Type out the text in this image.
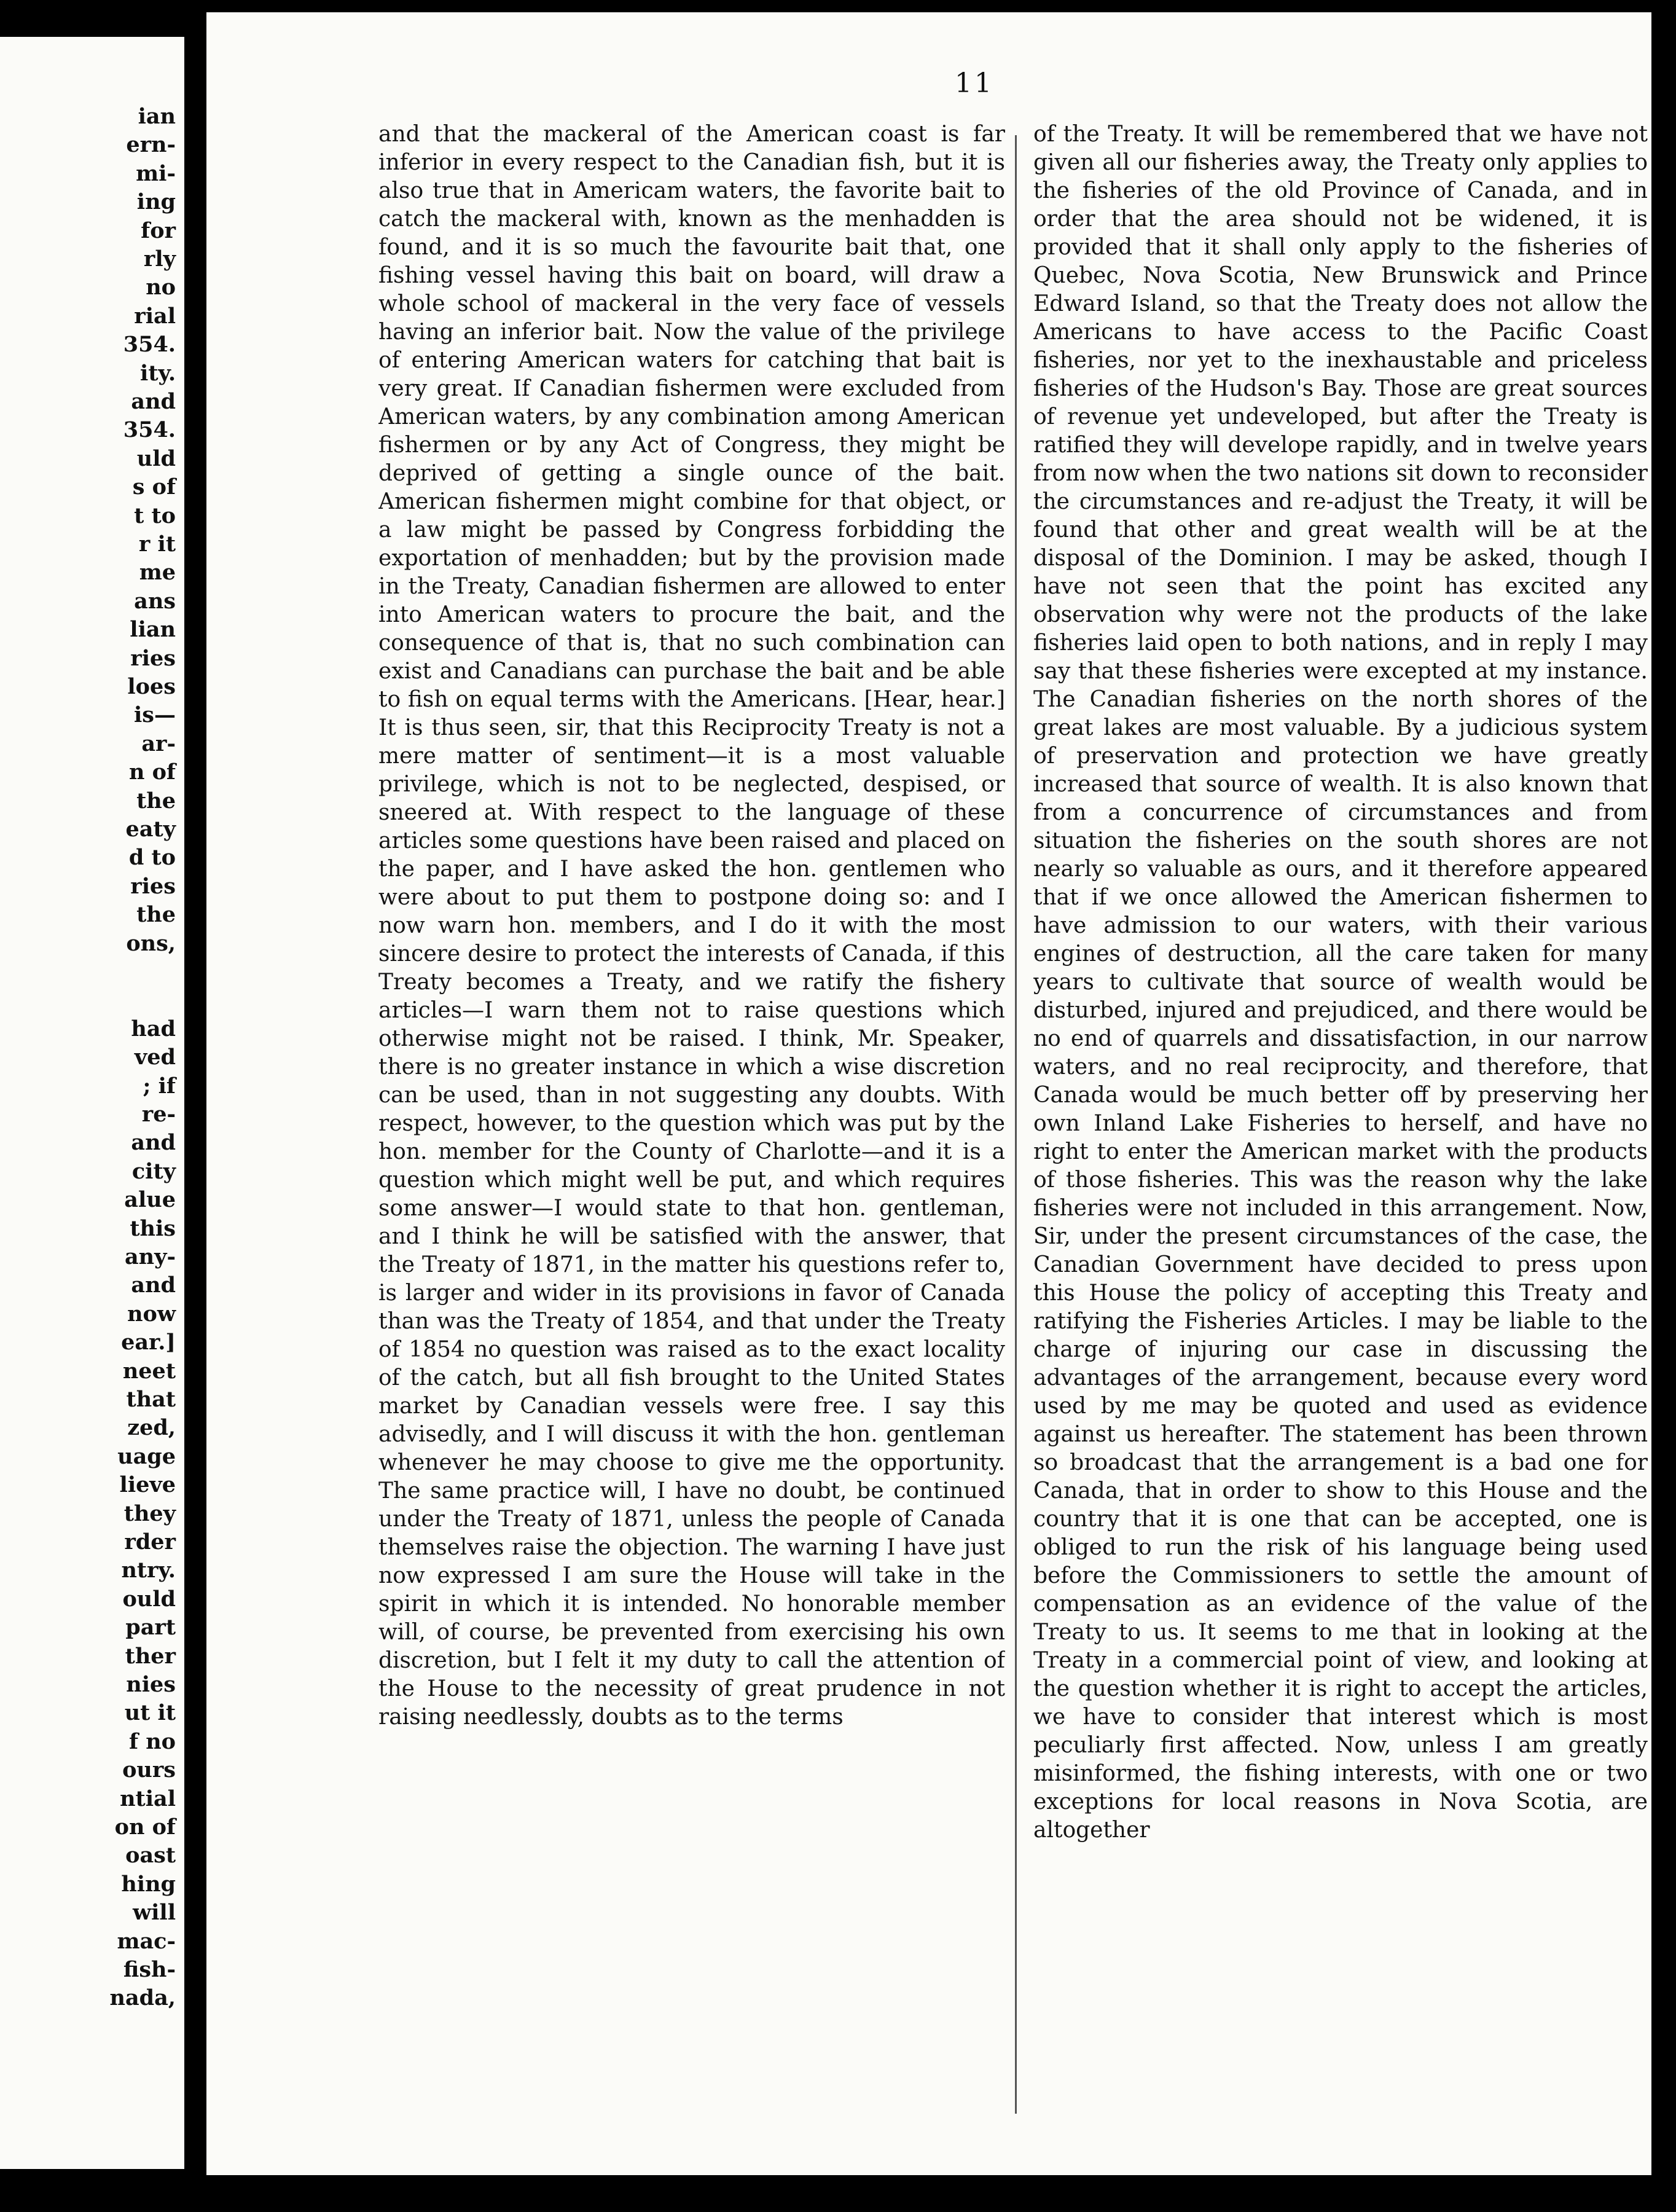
ian
ern-
mi-
ing
for
rly
no
rial
354.
ity.
and
354.
uld
s of
t to
r it
me
ans
lian
ries
loes
is—
ar-
n of
the
eaty
d to
ries
the
ons,
had
ved
; if
re-
and
city
alue
this
any-
and
now
ear.]
neet
that
zed,
uage
lieve
they
rder
ntry.
ould
part
ther
nies
ut it
f no
ours
ntial
on of
oast
hing
will
mac-
fish-
nada,
11

and that the mackeral of the American coast is far inferior in every respect to the Canadian fish, but it is also true that in Americam waters, the favorite bait to catch the mackeral with, known as the menhadden is found, and it is so much the favourite bait that, one fishing vessel having this bait on board, will draw a whole school of mackeral in the very face of vessels having an inferior bait. Now the value of the privilege of entering American waters for catching that bait is very great. If Canadian fishermen were excluded from American waters, by any combination among American fishermen or by any Act of Congress, they might be deprived of getting a single ounce of the bait. American fishermen might combine for that object, or a law might be passed by Congress forbidding the exportation of menhadden; but by the provision made in the Treaty, Canadian fishermen are allowed to enter into American waters to procure the bait, and the consequence of that is, that no such combination can exist and Canadians can purchase the bait and be able to fish on equal terms with the Americans. [Hear, hear.] It is thus seen, sir, that this Reciprocity Treaty is not a mere matter of sentiment—it is a most valuable privilege, which is not to be neglected, despised, or sneered at. With respect to the language of these articles some questions have been raised and placed on the paper, and I have asked the hon. gentlemen who were about to put them to postpone doing so: and I now warn hon. members, and I do it with the most sincere desire to protect the interests of Canada, if this Treaty becomes a Treaty, and we ratify the fishery articles—I warn them not to raise questions which otherwise might not be raised. I think, Mr. Speaker, there is no greater instance in which a wise discretion can be used, than in not suggesting any doubts. With respect, however, to the question which was put by the hon. member for the County of Charlotte—and it is a question which might well be put, and which requires some answer—I would state to that hon. gentleman, and I think he will be satisfied with the answer, that the Treaty of 1871, in the matter his questions refer to, is larger and wider in its provisions in favor of Canada than was the Treaty of 1854, and that under the Treaty of 1854 no question was raised as to the exact locality of the catch, but all fish brought to the United States market by Canadian vessels were free. I say this advisedly, and I will discuss it with the hon. gentleman whenever he may choose to give me the opportunity. The same practice will, I have no doubt, be continued under the Treaty of 1871, unless the people of Canada themselves raise the objection. The warning I have just now expressed I am sure the House will take in the spirit in which it is intended. No honorable member will, of course, be prevented from exercising his own discretion, but I felt it my duty to call the attention of the House to the necessity of great prudence in not raising needlessly, doubts as to the terms

of the Treaty. It will be remembered that we have not given all our fisheries away, the Treaty only applies to the fisheries of the old Province of Canada, and in order that the area should not be widened, it is provided that it shall only apply to the fisheries of Quebec, Nova Scotia, New Brunswick and Prince Edward Island, so that the Treaty does not allow the Americans to have access to the Pacific Coast fisheries, nor yet to the inexhaustable and priceless fisheries of the Hudson's Bay. Those are great sources of revenue yet undeveloped, but after the Treaty is ratified they will develope rapidly, and in twelve years from now when the two nations sit down to reconsider the circumstances and re-adjust the Treaty, it will be found that other and great wealth will be at the disposal of the Dominion. I may be asked, though I have not seen that the point has excited any observation why were not the products of the lake fisheries laid open to both nations, and in reply I may say that these fisheries were excepted at my instance. The Canadian fisheries on the north shores of the great lakes are most valuable. By a judicious system of preservation and protection we have greatly increased that source of wealth. It is also known that from a concurrence of circumstances and from situation the fisheries on the south shores are not nearly so valuable as ours, and it therefore appeared that if we once allowed the American fishermen to have admission to our waters, with their various engines of destruction, all the care taken for many years to cultivate that source of wealth would be disturbed, injured and prejudiced, and there would be no end of quarrels and dissatisfaction, in our narrow waters, and no real reciprocity, and therefore, that Canada would be much better off by preserving her own Inland Lake Fisheries to herself, and have no right to enter the American market with the products of those fisheries. This was the reason why the lake fisheries were not included in this arrangement. Now, Sir, under the present circumstances of the case, the Canadian Government have decided to press upon this House the policy of accepting this Treaty and ratifying the Fisheries Articles. I may be liable to the charge of injuring our case in discussing the advantages of the arrangement, because every word used by me may be quoted and used as evidence against us hereafter. The statement has been thrown so broadcast that the arrangement is a bad one for Canada, that in order to show to this House and the country that it is one that can be accepted, one is obliged to run the risk of his language being used before the Commissioners to settle the amount of compensation as an evidence of the value of the Treaty to us. It seems to me that in looking at the Treaty in a commercial point of view, and looking at the question whether it is right to accept the articles, we have to consider that interest which is most peculiarly first affected. Now, unless I am greatly misinformed, the fishing interests, with one or two exceptions for local reasons in Nova Scotia, are altogether
